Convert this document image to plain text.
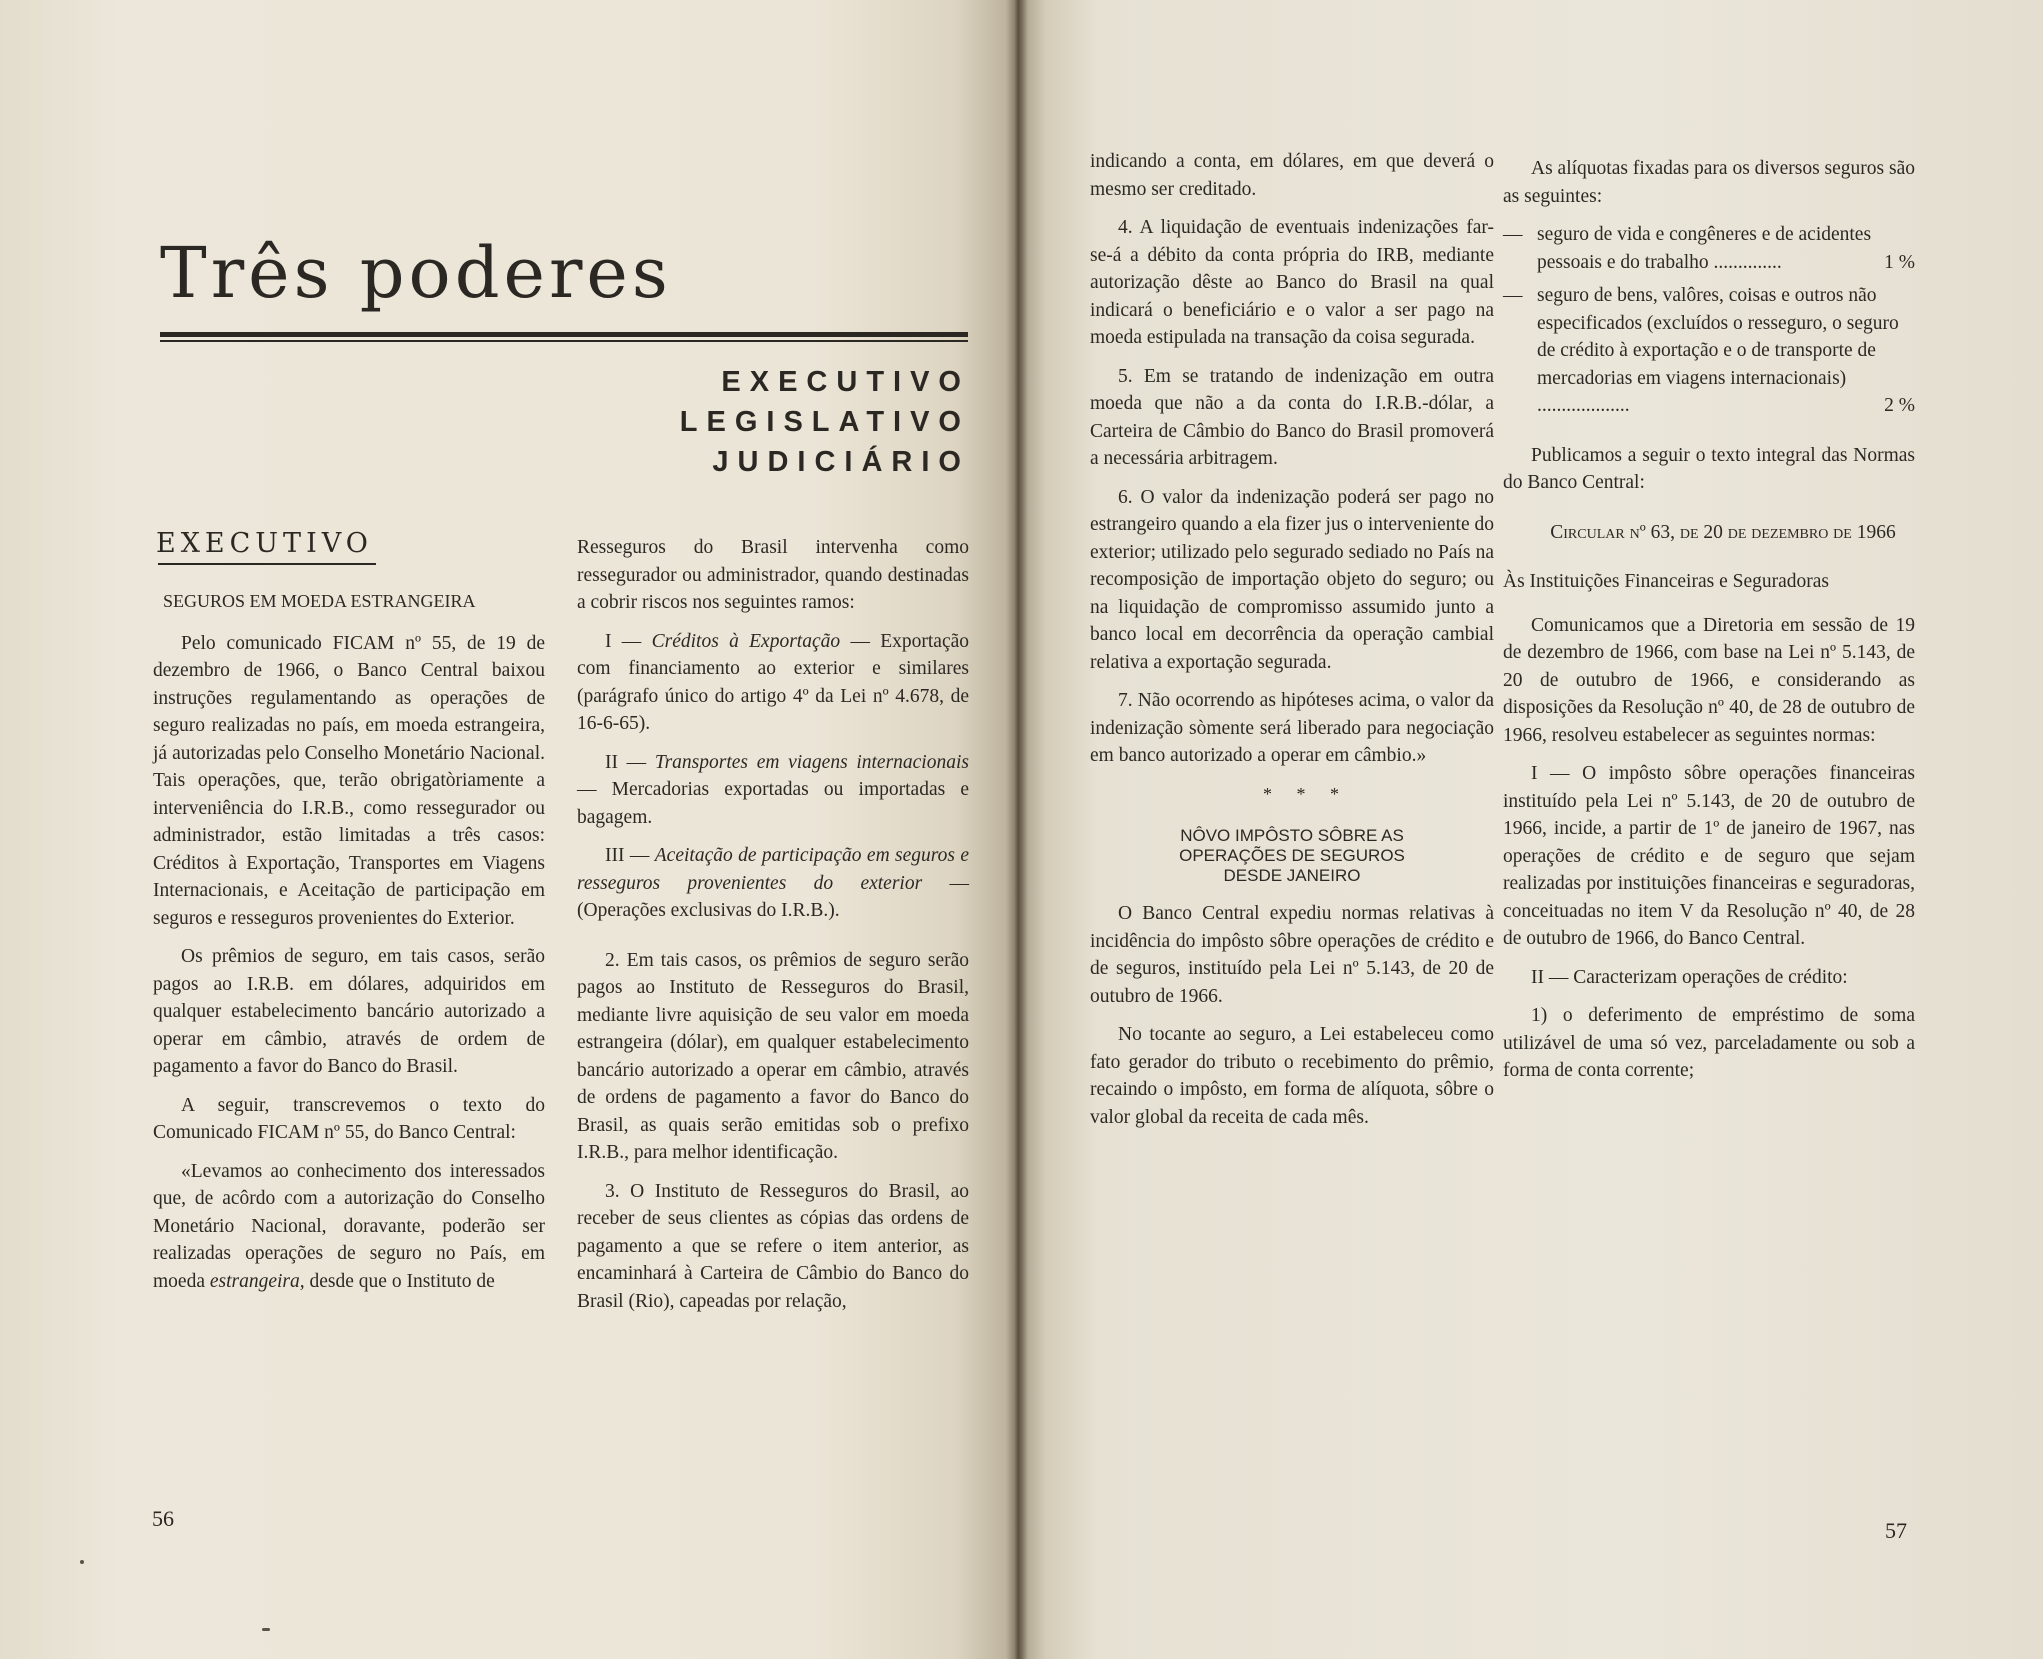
Três poderes
EXECUTIVO
LEGISLATIVO
JUDICIÁRIO
EXECUTIVO

SEGUROS EM MOEDA ESTRANGEIRA

Pelo comunicado FICAM nº 55, de 19 de dezembro de 1966, o Banco Central baixou instruções regulamentando as operações de seguro realizadas no país, em moeda estrangeira, já autorizadas pelo Conselho Monetário Nacional. Tais operações, que, terão obrigatòriamente a interveniência do I.R.B., como ressegurador ou administrador, estão limitadas a três casos: Créditos à Exportação, Transportes em Viagens Internacionais, e Aceitação de participação em seguros e resseguros provenientes do Exterior.

Os prêmios de seguro, em tais casos, serão pagos ao I.R.B. em dólares, adquiridos em qualquer estabelecimento bancário autorizado a operar em câmbio, através de ordem de pagamento a favor do Banco do Brasil.

A seguir, transcrevemos o texto do Comunicado FICAM nº 55, do Banco Central:

«Levamos ao conhecimento dos interessados que, de acôrdo com a autorização do Conselho Monetário Nacional, doravante, poderão ser realizadas operações de seguro no País, em moeda estrangeira, desde que o Instituto de

Resseguros do Brasil intervenha como ressegurador ou administrador, quando destinadas a cobrir riscos nos seguintes ramos:

I — Créditos à Exportação — Exportação com financiamento ao exterior e similares (parágrafo único do artigo 4º da Lei nº 4.678, de 16-6-65).

II — Transportes em viagens internacionais — Mercadorias exportadas ou importadas e bagagem.

III — Aceitação de participação em seguros e resseguros provenientes do exterior — (Operações exclusivas do I.R.B.).

2. Em tais casos, os prêmios de seguro serão pagos ao Instituto de Resseguros do Brasil, mediante livre aquisição de seu valor em moeda estrangeira (dólar), em qualquer estabelecimento bancário autorizado a operar em câmbio, através de ordens de pagamento a favor do Banco do Brasil, as quais serão emitidas sob o prefixo I.R.B., para melhor identificação.

3. O Instituto de Resseguros do Brasil, ao receber de seus clientes as cópias das ordens de pagamento a que se refere o item anterior, as encaminhará à Carteira de Câmbio do Banco do Brasil (Rio), capeadas por relação,

56

indicando a conta, em dólares, em que deverá o mesmo ser creditado.

4. A liquidação de eventuais indenizações far-se-á a débito da conta própria do IRB, mediante autorização dêste ao Banco do Brasil na qual indicará o beneficiário e o valor a ser pago na moeda estipulada na transação da coisa segurada.

5. Em se tratando de indenização em outra moeda que não a da conta do I.R.B.-dólar, a Carteira de Câmbio do Banco do Brasil promoverá a necessária arbitragem.

6. O valor da indenização poderá ser pago no estrangeiro quando a ela fizer jus o interveniente do exterior; utilizado pelo segurado sediado no País na recomposição de importação objeto do seguro; ou na liquidação de compromisso assumido junto a banco local em decorrência da operação cambial relativa a exportação segurada.

7. Não ocorrendo as hipóteses acima, o valor da indenização sòmente será liberado para negociação em banco autorizado a operar em câmbio.»

* * *

NÔVO IMPÔSTO SÔBRE AS OPERAÇÕES DE SEGUROS DESDE JANEIRO

O Banco Central expediu normas relativas à incidência do impôsto sôbre operações de crédito e de seguros, instituído pela Lei nº 5.143, de 20 de outubro de 1966.

No tocante ao seguro, a Lei estabeleceu como fato gerador do tributo o recebimento do prêmio, recaindo o impôsto, em forma de alíquota, sôbre o valor global da receita de cada mês.

As alíquotas fixadas para os diversos seguros são as seguintes:

— seguro de vida e congêneres e de acidentes pessoais e do trabalho ..............	1 %
— seguro de bens, valôres, coisas e outros não especificados (excluídos o resseguro, o seguro de crédito à exportação e o de transporte de mercadorias em viagens internacionais) ...................	2 %

Publicamos a seguir o texto integral das Normas do Banco Central:

Circular nº 63, de 20 de dezembro de 1966

Às Instituições Financeiras e Seguradoras

Comunicamos que a Diretoria em sessão de 19 de dezembro de 1966, com base na Lei nº 5.143, de 20 de outubro de 1966, e considerando as disposições da Resolução nº 40, de 28 de outubro de 1966, resolveu estabelecer as seguintes normas:

I — O impôsto sôbre operações financeiras instituído pela Lei nº 5.143, de 20 de outubro de 1966, incide, a partir de 1º de janeiro de 1967, nas operações de crédito e de seguro que sejam realizadas por instituições financeiras e seguradoras, conceituadas no item V da Resolução nº 40, de 28 de outubro de 1966, do Banco Central.

II — Caracterizam operações de crédito:

1) o deferimento de empréstimo de soma utilizável de uma só vez, parceladamente ou sob a forma de conta corrente;

57
